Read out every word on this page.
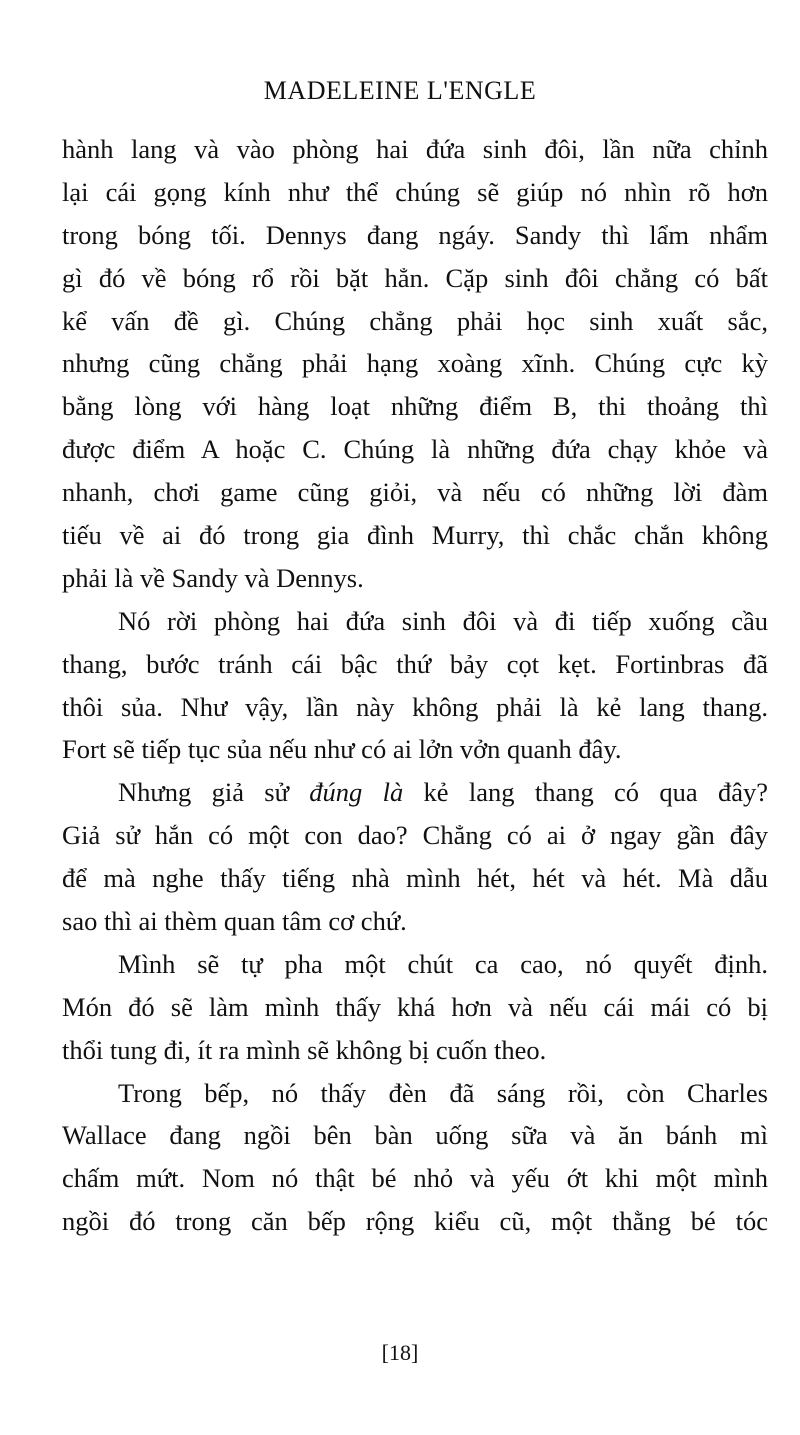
MADELEINE L'ENGLE
hành lang và vào phòng hai đứa sinh đôi, lần nữa chỉnh
lại cái gọng kính như thể chúng sẽ giúp nó nhìn rõ hơn
trong bóng tối. Dennys đang ngáy. Sandy thì lẩm nhẩm
gì đó về bóng rổ rồi bặt hẳn. Cặp sinh đôi chẳng có bất
kể vấn đề gì. Chúng chẳng phải học sinh xuất sắc,
nhưng cũng chẳng phải hạng xoàng xĩnh. Chúng cực kỳ
bằng lòng với hàng loạt những điểm B, thi thoảng thì
được điểm A hoặc C. Chúng là những đứa chạy khỏe và
nhanh, chơi game cũng giỏi, và nếu có những lời đàm
tiếu về ai đó trong gia đình Murry, thì chắc chắn không
phải là về Sandy và Dennys.
Nó rời phòng hai đứa sinh đôi và đi tiếp xuống cầu
thang, bước tránh cái bậc thứ bảy cọt kẹt. Fortinbras đã
thôi sủa. Như vậy, lần này không phải là kẻ lang thang.
Fort sẽ tiếp tục sủa nếu như có ai lởn vởn quanh đây.
Nhưng giả sử đúng là kẻ lang thang có qua đây?
Giả sử hắn có một con dao? Chẳng có ai ở ngay gần đây
để mà nghe thấy tiếng nhà mình hét, hét và hét. Mà dẫu
sao thì ai thèm quan tâm cơ chứ.
Mình sẽ tự pha một chút ca cao, nó quyết định.
Món đó sẽ làm mình thấy khá hơn và nếu cái mái có bị
thổi tung đi, ít ra mình sẽ không bị cuốn theo.
Trong bếp, nó thấy đèn đã sáng rồi, còn Charles
Wallace đang ngồi bên bàn uống sữa và ăn bánh mì
chấm mứt. Nom nó thật bé nhỏ và yếu ớt khi một mình
ngồi đó trong căn bếp rộng kiểu cũ, một thằng bé tóc
[18]
